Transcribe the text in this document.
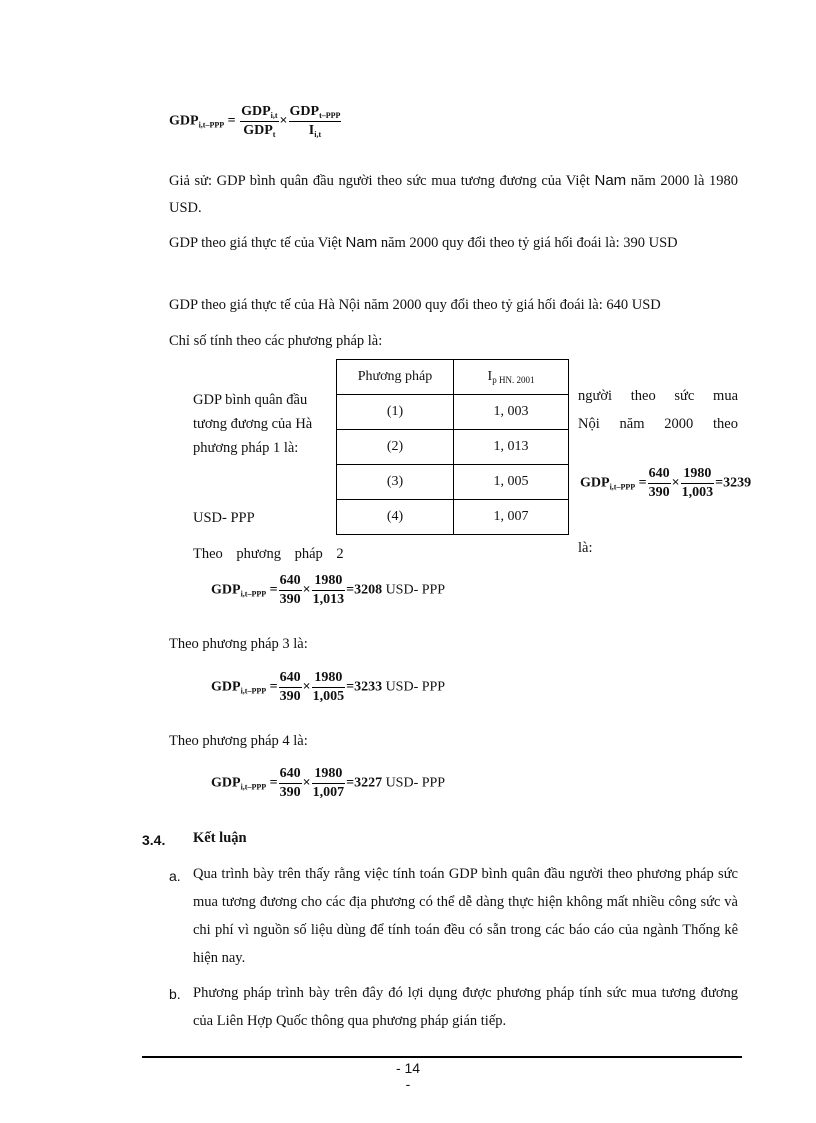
$GDP_{i,t-PPP} = \frac{GDP_{i,t}}{GDP_t} \times \frac{GDP_{t-PPP}}{I_{i,t}}$
Giả sử: GDP bình quân đầu người theo sức mua tương đương của Việt Nam năm 2000 là 1980 USD.
GDP theo giá thực tế của Việt Nam năm 2000 quy đổi theo tỷ giá hối đoái là: 390 USD
GDP theo giá thực tế của Hà Nội năm 2000 quy đổi theo tỷ giá hối đoái là: 640 USD
Chỉ số tính theo các phương pháp là:
GDP bình quân đầu
tương đương của Hà
phương pháp 1 là:
người theo sức mua
Nội năm 2000 theo
$GDP_{i,t-PPP} = \frac{640}{390} \times \frac{1980}{1,003} =3239$
USD- PPP
Phương pháp	$I_{p HN. 2001}$
(1)	1, 003
(2)	1, 013
(3)	1, 005
(4)	1, 007
Theo phương pháp 2	là:
$GDP_{i,t-PPP} = \frac{640}{390} \times \frac{1980}{1,013} =3208$ USD- PPP
Theo phương pháp 3 là:
$GDP_{i,t-PPP} = \frac{640}{390} \times \frac{1980}{1,005} =3233$ USD- PPP
Theo phương pháp 4 là:
$GDP_{i,t-PPP} = \frac{640}{390} \times \frac{1980}{1,007} =3227$ USD- PPP
3.4. Kết luận
a. Qua trình bày trên thấy rằng việc tính toán GDP bình quân đầu người theo phương pháp sức mua tương đương cho các địa phương có thể dễ dàng thực hiện không mất nhiều công sức và chi phí vì nguồn số liệu dùng để tính toán đều có sẵn trong các báo cáo của ngành Thống kê hiện nay.
b. Phương pháp trình bày trên đây đó lợi dụng được phương pháp tính sức mua tương đương của Liên Hợp Quốc thông qua phương pháp gián tiếp.
- 14
-
